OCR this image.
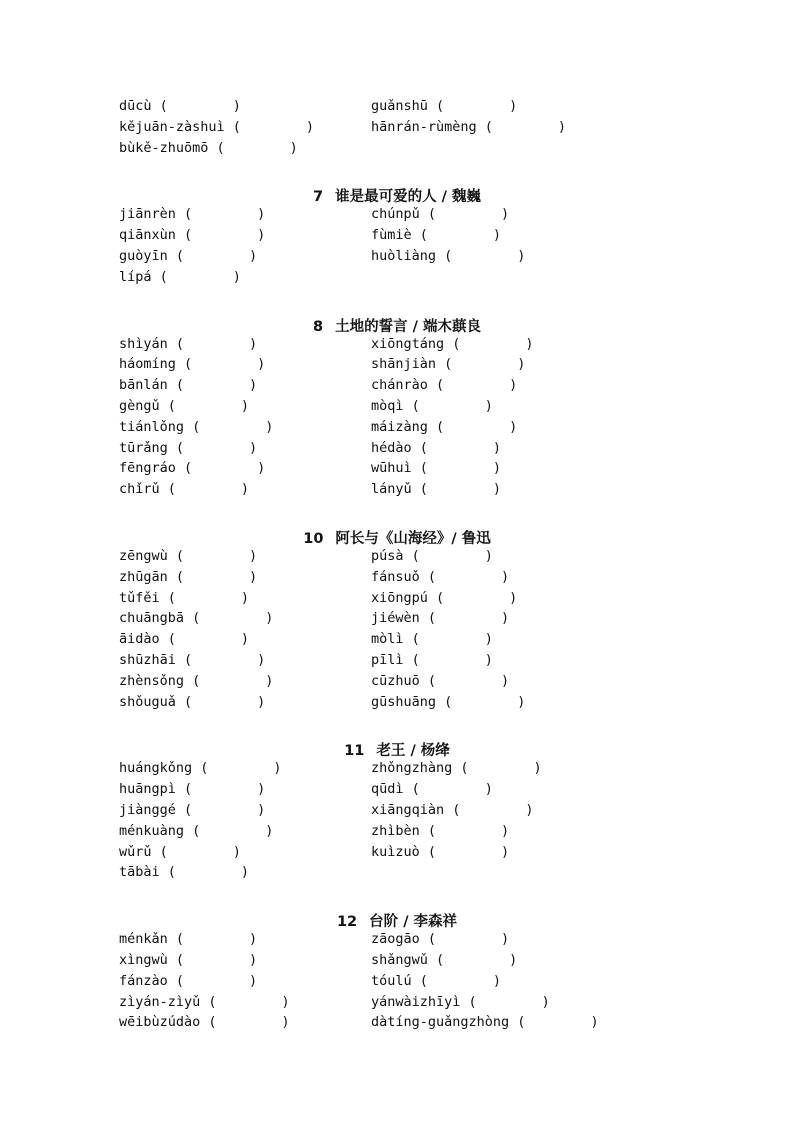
dūcù (        )	guǎnshū (        )
kějuān-zàshuì (        )	hānrán-rùmèng (        )
bùkě-zhuōmō (        )
7 谁是最可爱的人 / 魏巍
jiānrèn (        )	chúnpǔ (        )
qiānxùn (        )	fùmiè (        )
guòyīn (        )	huòliàng (        )
lípá (        )
8 土地的誓言 / 端木蕻良
shìyán (        )	xiōngtáng (        )
háomíng (        )	shānjiàn (        )
bānlán (        )	chánrào (        )
gèngǔ (        )	mòqì (        )
tiánlǒng (        )	máizàng (        )
tūrǎng (        )	hédào (        )
fēngráo (        )	wūhuì (        )
chǐrǔ (        )	lányǔ (        )
10 阿长与《山海经》/ 鲁迅
zēngwù (        )	púsà (        )
zhūgān (        )	fánsuǒ (        )
tǔfěi (        )	xiōngpú (        )
chuāngbā (        )	jiéwèn (        )
āidào (        )	mòlì (        )
shūzhāi (        )	pīlì (        )
zhènsǒng (        )	cūzhuō (        )
shǒuguǎ (        )	gūshuāng (        )
11 老王 / 杨绛
huángkǒng (        )	zhǒngzhàng (        )
huāngpì (        )	qūdì (        )
jiànggé (        )	xiāngqiàn (        )
ménkuàng (        )	zhìbèn (        )
wǔrǔ (        )	kuìzuò (        )
tābài (        )
12 台阶 / 李森祥
ménkǎn (        )	zāogāo (        )
xìngwù (        )	shǎngwǔ (        )
fánzào (        )	tóulú (        )
zìyán-zìyǔ (        )	yánwàizhīyì (        )
wēibùzúdào (        )	dàtíng-guǎngzhòng (        )
